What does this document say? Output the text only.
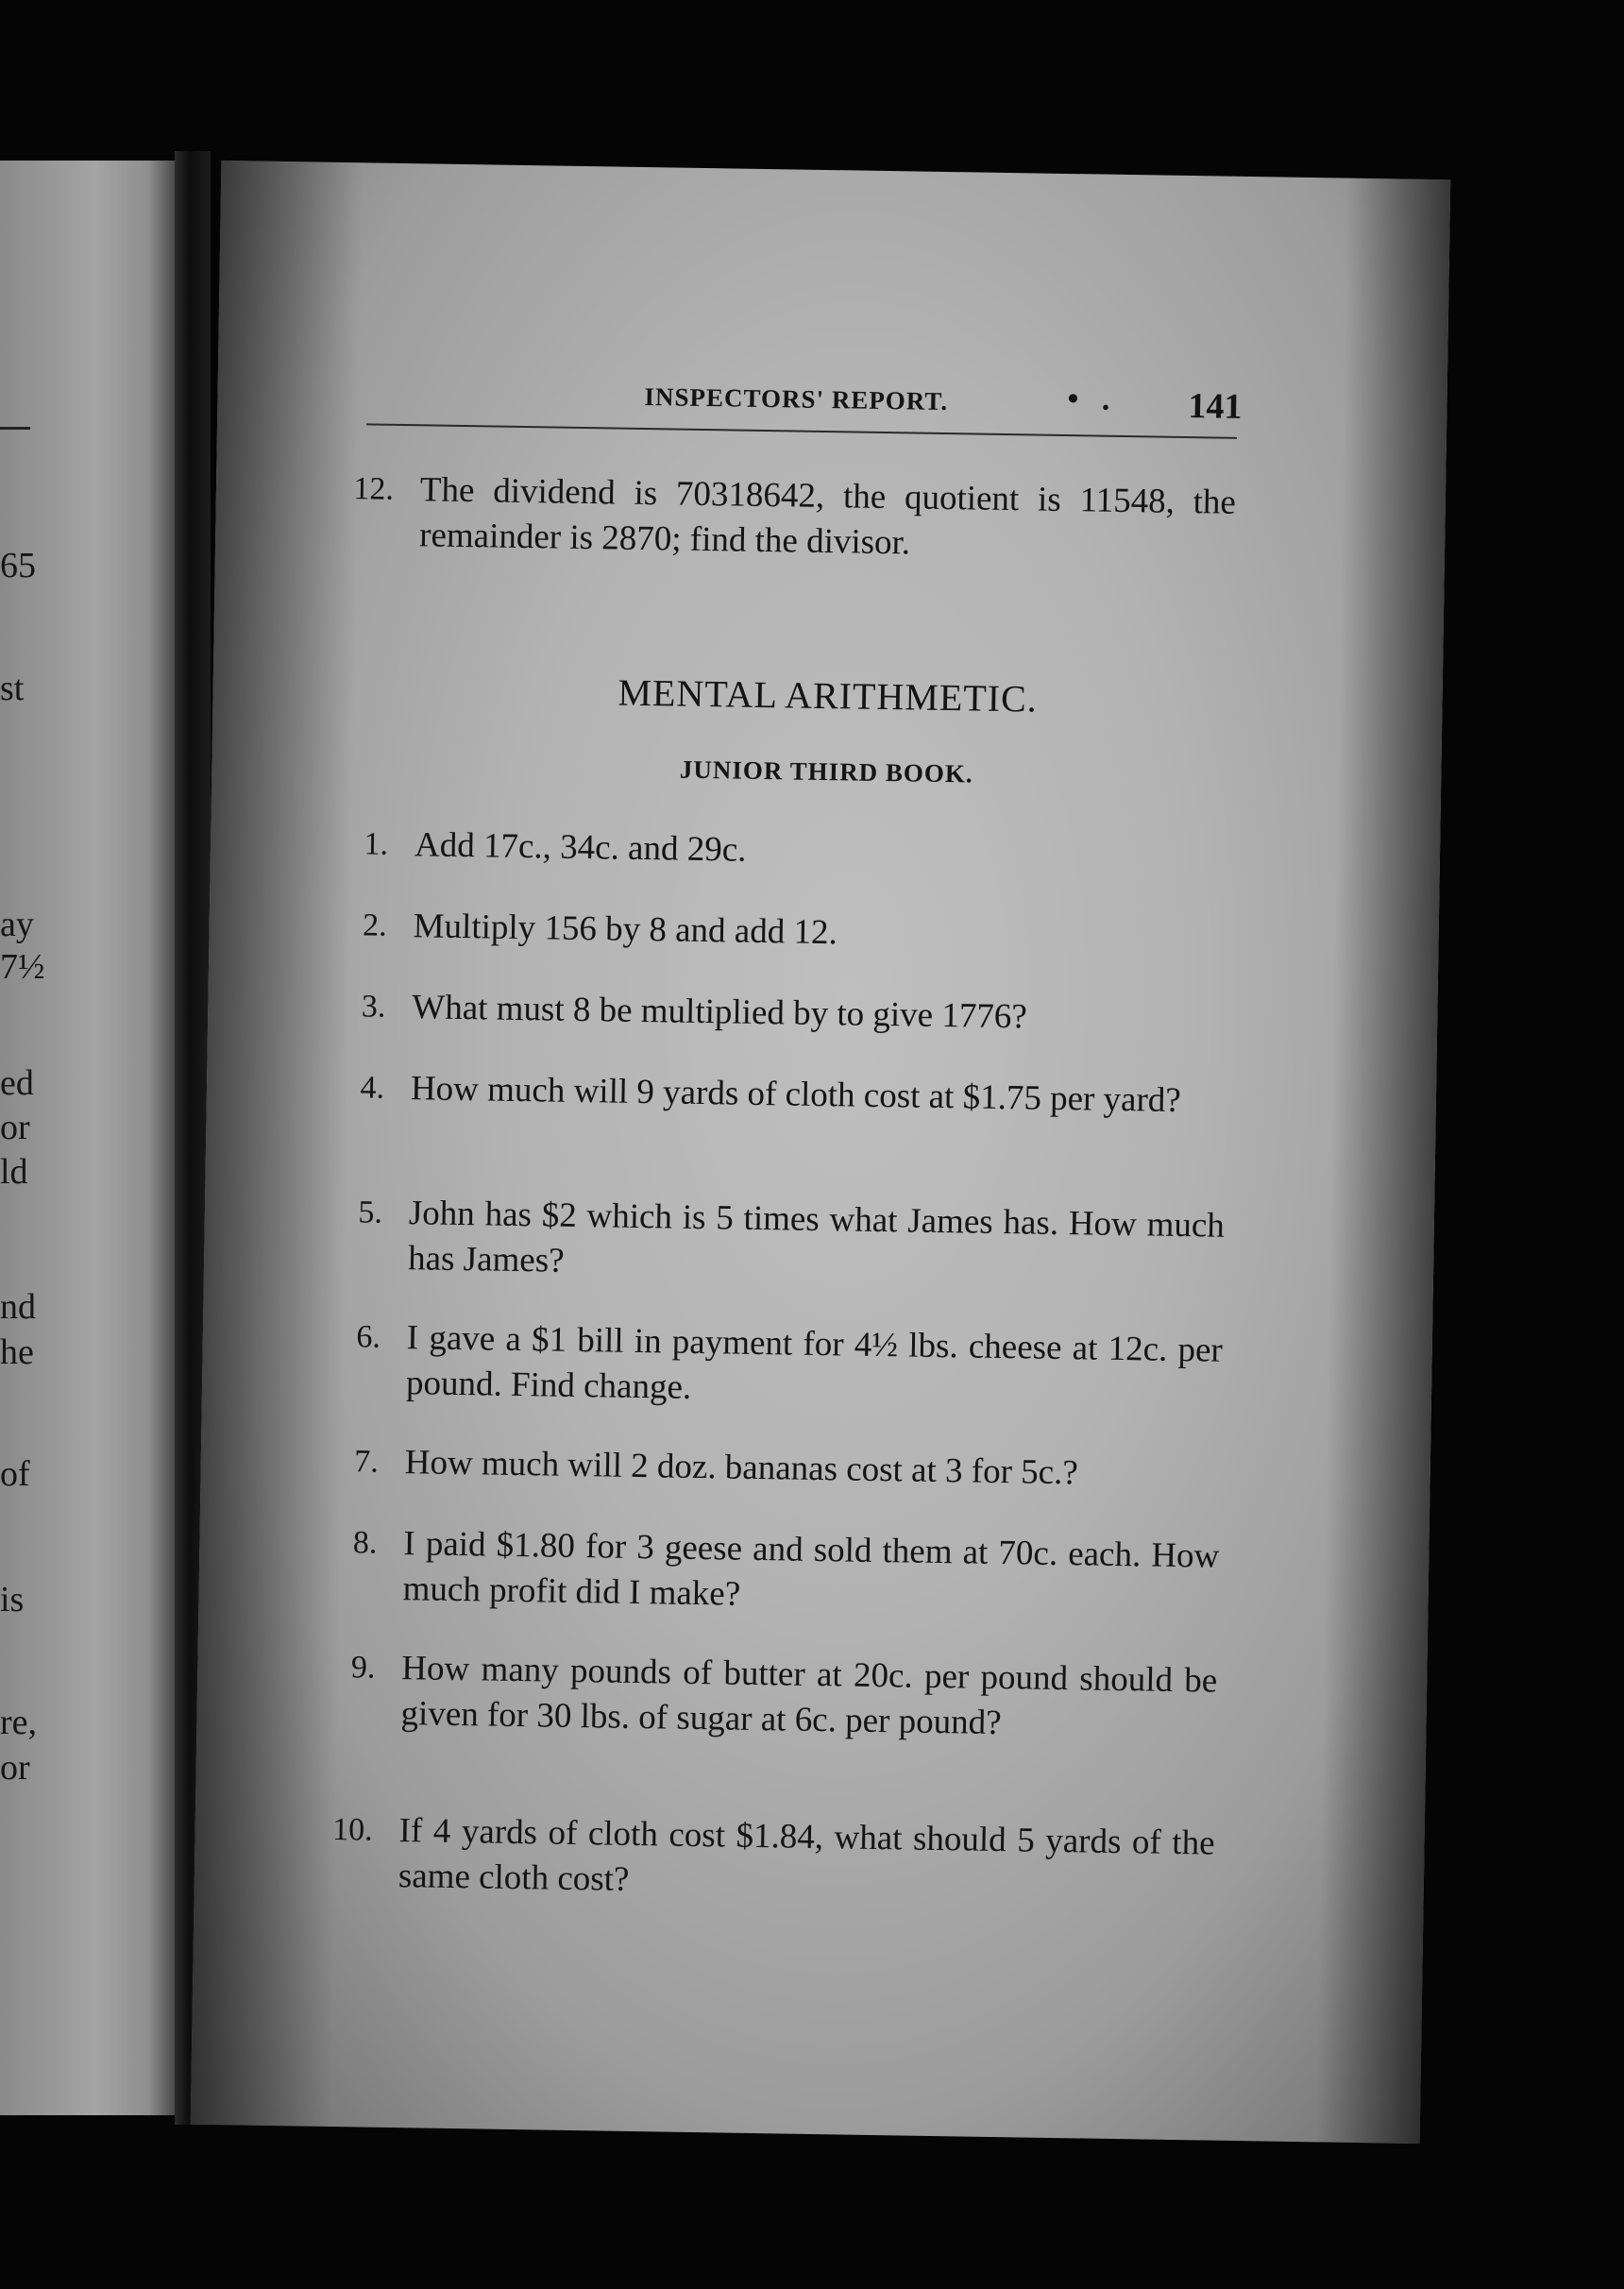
65
st
ay
7½
ed
or
ld
nd
he
of
is
re,
or
INSPECTORS' REPORT.	• . 141
12. The dividend is 70318642, the quotient is 11548, the remainder is 2870; find the divisor.
MENTAL ARITHMETIC.
JUNIOR THIRD BOOK.
1. Add 17c., 34c. and 29c.
2. Multiply 156 by 8 and add 12.
3. What must 8 be multiplied by to give 1776?
4. How much will 9 yards of cloth cost at $1.75 per yard?
5. John has $2 which is 5 times what James has. How much has James?
6. I gave a $1 bill in payment for 4½ lbs. cheese at 12c. per pound. Find change.
7. How much will 2 doz. bananas cost at 3 for 5c.?
8. I paid $1.80 for 3 geese and sold them at 70c. each. How much profit did I make?
9. How many pounds of butter at 20c. per pound should be given for 30 lbs. of sugar at 6c. per pound?
10. If 4 yards of cloth cost $1.84, what should 5 yards of the same cloth cost?
